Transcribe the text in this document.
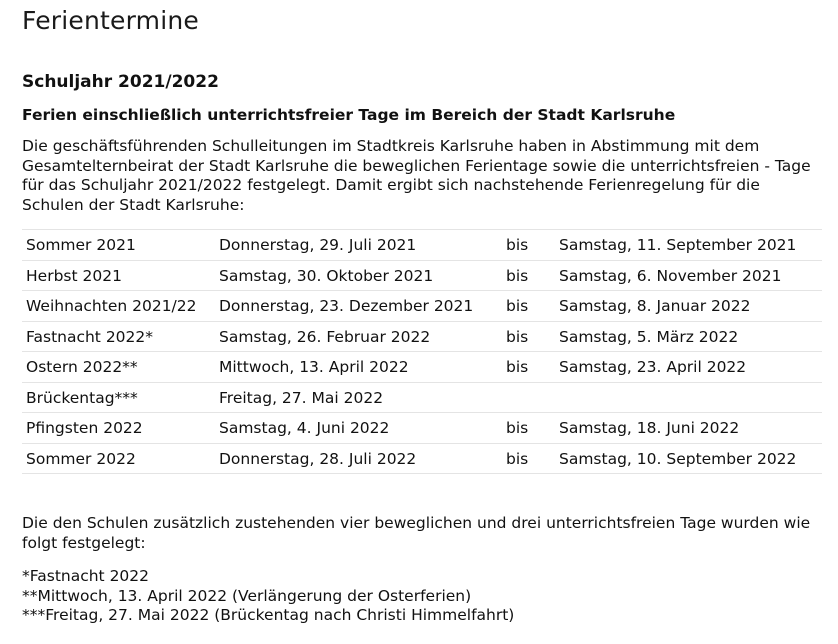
Ferientermine
Schuljahr 2021/2022
Ferien einschließlich unterrichtsfreier Tage im Bereich der Stadt Karlsruhe

Die geschäftsführenden Schulleitungen im Stadtkreis Karlsruhe haben in Abstimmung mit dem Gesamtelternbeirat der Stadt Karlsruhe die beweglichen Ferientage sowie die unterrichtsfreien - Tage für das Schuljahr 2021/2022 festgelegt. Damit ergibt sich nachstehende Ferienregelung für die Schulen der Stadt Karlsruhe:

Sommer 2021	Donnerstag, 29. Juli 2021	bis	Samstag, 11. September 2021
Herbst 2021	Samstag, 30. Oktober 2021	bis	Samstag, 6. November 2021
Weihnachten 2021/22	Donnerstag, 23. Dezember 2021	bis	Samstag, 8. Januar 2022
Fastnacht 2022*	Samstag, 26. Februar 2022	bis	Samstag, 5. März 2022
Ostern 2022**	Mittwoch, 13. April 2022	bis	Samstag, 23. April 2022
Brückentag***	Freitag, 27. Mai 2022		
Pfingsten 2022	Samstag, 4. Juni 2022	bis	Samstag, 18. Juni 2022
Sommer 2022	Donnerstag, 28. Juli 2022	bis	Samstag, 10. September 2022

Die den Schulen zusätzlich zustehenden vier beweglichen und drei unterrichtsfreien Tage wurden wie folgt festgelegt:

*Fastnacht 2022
**Mittwoch, 13. April 2022 (Verlängerung der Osterferien)
***Freitag, 27. Mai 2022 (Brückentag nach Christi Himmelfahrt)
